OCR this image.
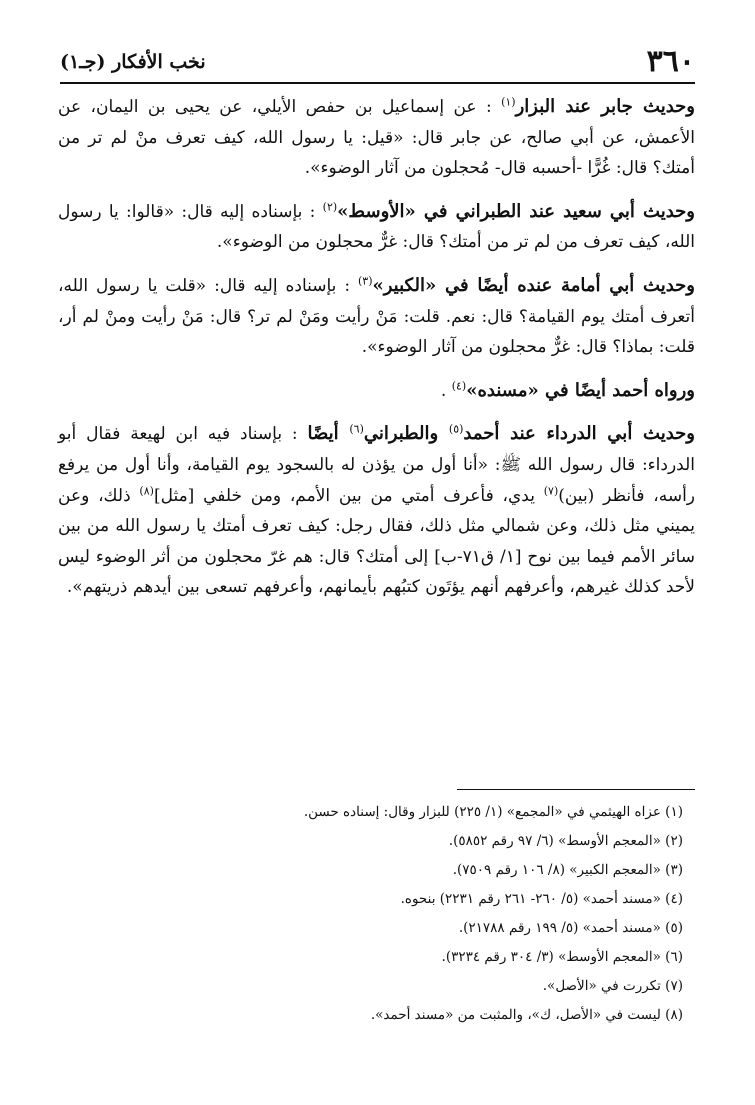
٣٦٠
نخب الأفكار (جـ١)

وحديث جابر عند البزار$^{(١)}$ : عن إسماعيل بن حفص الأيلي، عن يحيى بن اليمان، عن الأعمش، عن أبي صالح، عن جابر قال: «قيل: يا رسول الله، كيف تعرف منْ لم تر من أمتك؟ قال: غُرًّا -أحسبه قال- مُحجلون من آثار الوضوء».

وحديث أبي سعيد عند الطبراني في «الأوسط»$^{(٢)}$ : بإسناده إليه قال: «قالوا: يا رسول الله، كيف تعرف من لم تر من أمتك؟ قال: غرٌّ محجلون من الوضوء».

وحديث أبي أمامة عنده أيضًا في «الكبير»$^{(٣)}$ : بإسناده إليه قال: «قلت يا رسول الله، أتعرف أمتك يوم القيامة؟ قال: نعم. قلت: مَنْ رأيت ومَنْ لم تر؟ قال: مَنْ رأيت ومنْ لم أر، قلت: بماذا؟ قال: غرٌّ محجلون من آثار الوضوء».

ورواه أحمد أيضًا في «مسنده»$^{(٤)}$ .

وحديث أبي الدرداء عند أحمد$^{(٥)}$ والطبراني$^{(٦)}$ أيضًا : بإسناد فيه ابن لهيعة فقال أبو الدرداء: قال رسول الله ﷺ: «أنا أول من يؤذن له بالسجود يوم القيامة، وأنا أول من يرفع رأسه، فأنظر (بين)$^{(٧)}$ يدي، فأعرف أمتي من بين الأمم، ومن خلفي [مثل]$^{(٨)}$ ذلك، وعن يميني مثل ذلك، وعن شمالي مثل ذلك، فقال رجل: كيف تعرف أمتك يا رسول الله من بين سائر الأمم فيما بين نوح [١/ ق٧١-ب] إلى أمتك؟ قال: هم غرّ محجلون من أثر الوضوء ليس لأحد كذلك غيرهم، وأعرفهم أنهم يؤتَون كتبُهم بأيمانهم، وأعرفهم تسعى بين أيدهم ذريتهم».

(١) عزاه الهيثمي في «المجمع» (١/ ٢٢٥) للبزار وقال: إسناده حسن.

(٢) «المعجم الأوسط» (٦/ ٩٧ رقم ٥٨٥٢).

(٣) «المعجم الكبير» (٨/ ١٠٦ رقم ٧٥٠٩).

(٤) «مسند أحمد» (٥/ ٢٦٠- ٢٦١ رقم ٢٢٣١) بنحوه.

(٥) «مسند أحمد» (٥/ ١٩٩ رقم ٢١٧٨٨).

(٦) «المعجم الأوسط» (٣/ ٣٠٤ رقم ٣٢٣٤).

(٧) تكررت في «الأصل».

(٨) ليست في «الأصل، ك»، والمثبت من «مسند أحمد».
